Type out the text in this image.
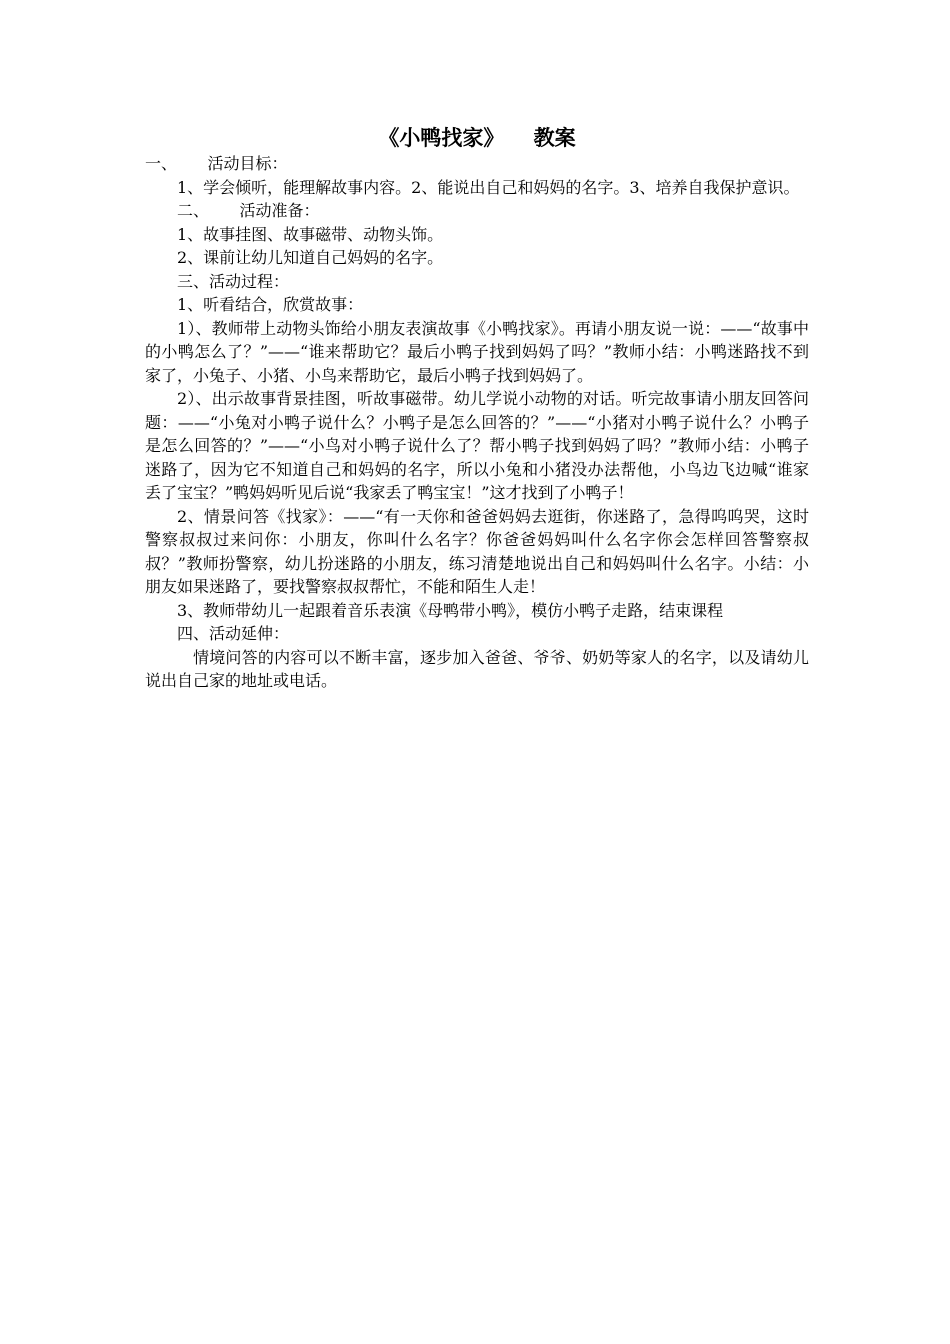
《小鸭找家》    教案

一、      活动目标：

1、学会倾听，能理解故事内容。2、能说出自己和妈妈的名字。3、培养自我保护意识。

二、      活动准备：

1、故事挂图、故事磁带、动物头饰。

2、课前让幼儿知道自己妈妈的名字。

三、活动过程：

1、听看结合，欣赏故事：

1）、教师带上动物头饰给小朋友表演故事《小鸭找家》。再请小朋友说一说：——“故事中的小鸭怎么了？”——“谁来帮助它？最后小鸭子找到妈妈了吗？”教师小结：小鸭迷路找不到家了，小兔子、小猪、小鸟来帮助它，最后小鸭子找到妈妈了。

2）、出示故事背景挂图，听故事磁带。幼儿学说小动物的对话。听完故事请小朋友回答问题：——“小兔对小鸭子说什么？小鸭子是怎么回答的？”——“小猪对小鸭子说什么？小鸭子是怎么回答的？”——“小鸟对小鸭子说什么了？帮小鸭子找到妈妈了吗？”教师小结：小鸭子迷路了，因为它不知道自己和妈妈的名字，所以小兔和小猪没办法帮他，小鸟边飞边喊“谁家丢了宝宝？”鸭妈妈听见后说“我家丢了鸭宝宝！”这才找到了小鸭子！

2、情景问答《找家》：——“有一天你和爸爸妈妈去逛街，你迷路了，急得呜呜哭，这时警察叔叔过来问你：小朋友，你叫什么名字？你爸爸妈妈叫什么名字你会怎样回答警察叔叔？”教师扮警察，幼儿扮迷路的小朋友，练习清楚地说出自己和妈妈叫什么名字。小结：小朋友如果迷路了，要找警察叔叔帮忙，不能和陌生人走！

3、教师带幼儿一起跟着音乐表演《母鸭带小鸭》，模仿小鸭子走路，结束课程

四、活动延伸：

情境问答的内容可以不断丰富，逐步加入爸爸、爷爷、奶奶等家人的名字，以及请幼儿说出自己家的地址或电话。
